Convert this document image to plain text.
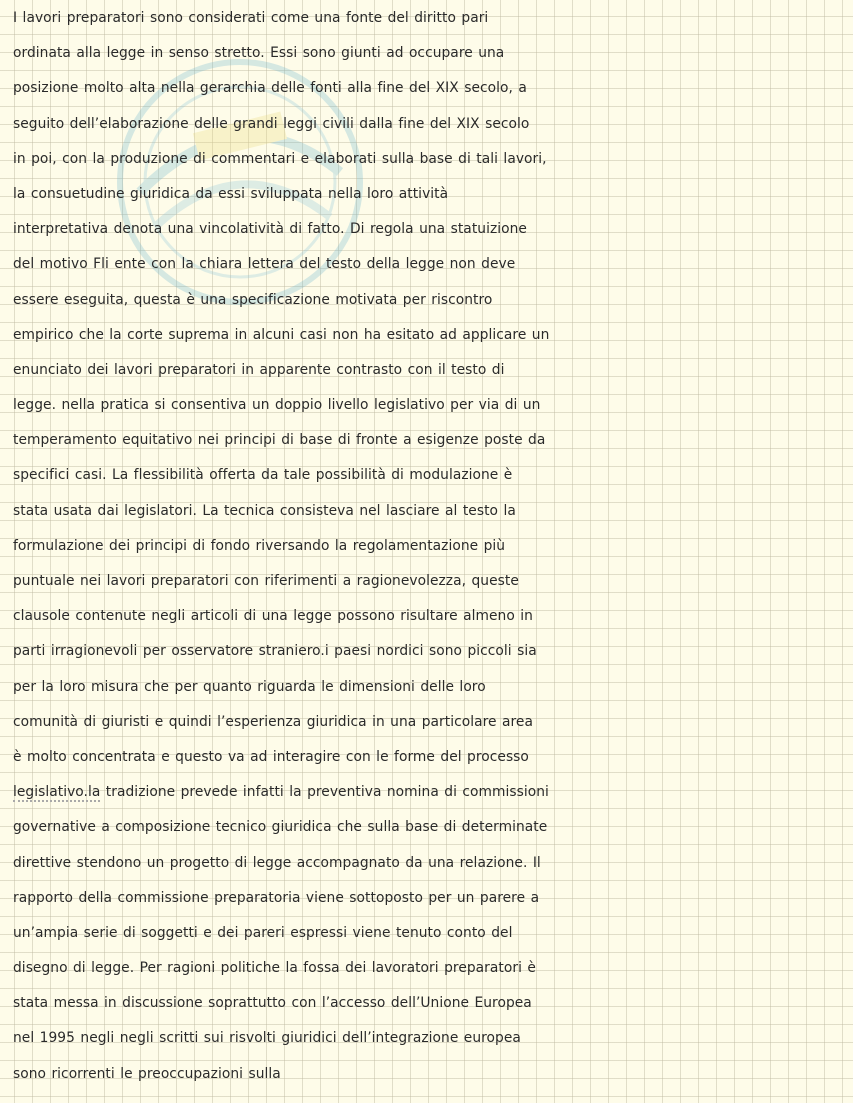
I lavori preparatori sono considerati come una fonte del diritto pari
ordinata alla legge in senso stretto. Essi sono giunti ad occupare una
posizione molto alta nella gerarchia delle fonti alla fine del XIX secolo, a
seguito dell’elaborazione delle grandi leggi civili dalla fine del XIX secolo
in poi, con la produzione di commentari e elaborati sulla base di tali lavori,
la consuetudine giuridica da essi sviluppata nella loro attività
interpretativa denota una vincolatività di fatto. Di regola una statuizione
del motivo Fli ente con la chiara lettera del testo della legge non deve
essere eseguita, questa è una specificazione motivata per riscontro
empirico che la corte suprema in alcuni casi non ha esitato ad applicare un
enunciato dei lavori preparatori in apparente contrasto con il testo di
legge. nella pratica si consentiva un doppio livello legislativo per via di un
temperamento equitativo nei principi di base di fronte a esigenze poste da
specifici casi. La flessibilità offerta da tale possibilità di modulazione è
stata usata dai legislatori. La tecnica consisteva nel lasciare al testo la
formulazione dei principi di fondo riversando la regolamentazione più
puntuale nei lavori preparatori con riferimenti a ragionevolezza, queste
clausole contenute negli articoli di una legge possono risultare almeno in
parti irragionevoli per osservatore straniero.i paesi nordici sono piccoli sia
per la loro misura che per quanto riguarda le dimensioni delle loro
comunità di giuristi e quindi l’esperienza giuridica in una particolare area
è molto concentrata e questo va ad interagire con le forme del processo
legislativo.la tradizione prevede infatti la preventiva nomina di commissioni
governative a composizione tecnico giuridica che sulla base di determinate
direttive stendono un progetto di legge accompagnato da una relazione. Il
rapporto della commissione preparatoria viene sottoposto per un parere a
un’ampia serie di soggetti e dei pareri espressi viene tenuto conto del
disegno di legge. Per ragioni politiche la fossa dei lavoratori preparatori è
stata messa in discussione soprattutto con l’accesso dell’Unione Europea
nel 1995 negli negli scritti sui risvolti giuridici dell’integrazione europea
sono ricorrenti le preoccupazioni sulla
